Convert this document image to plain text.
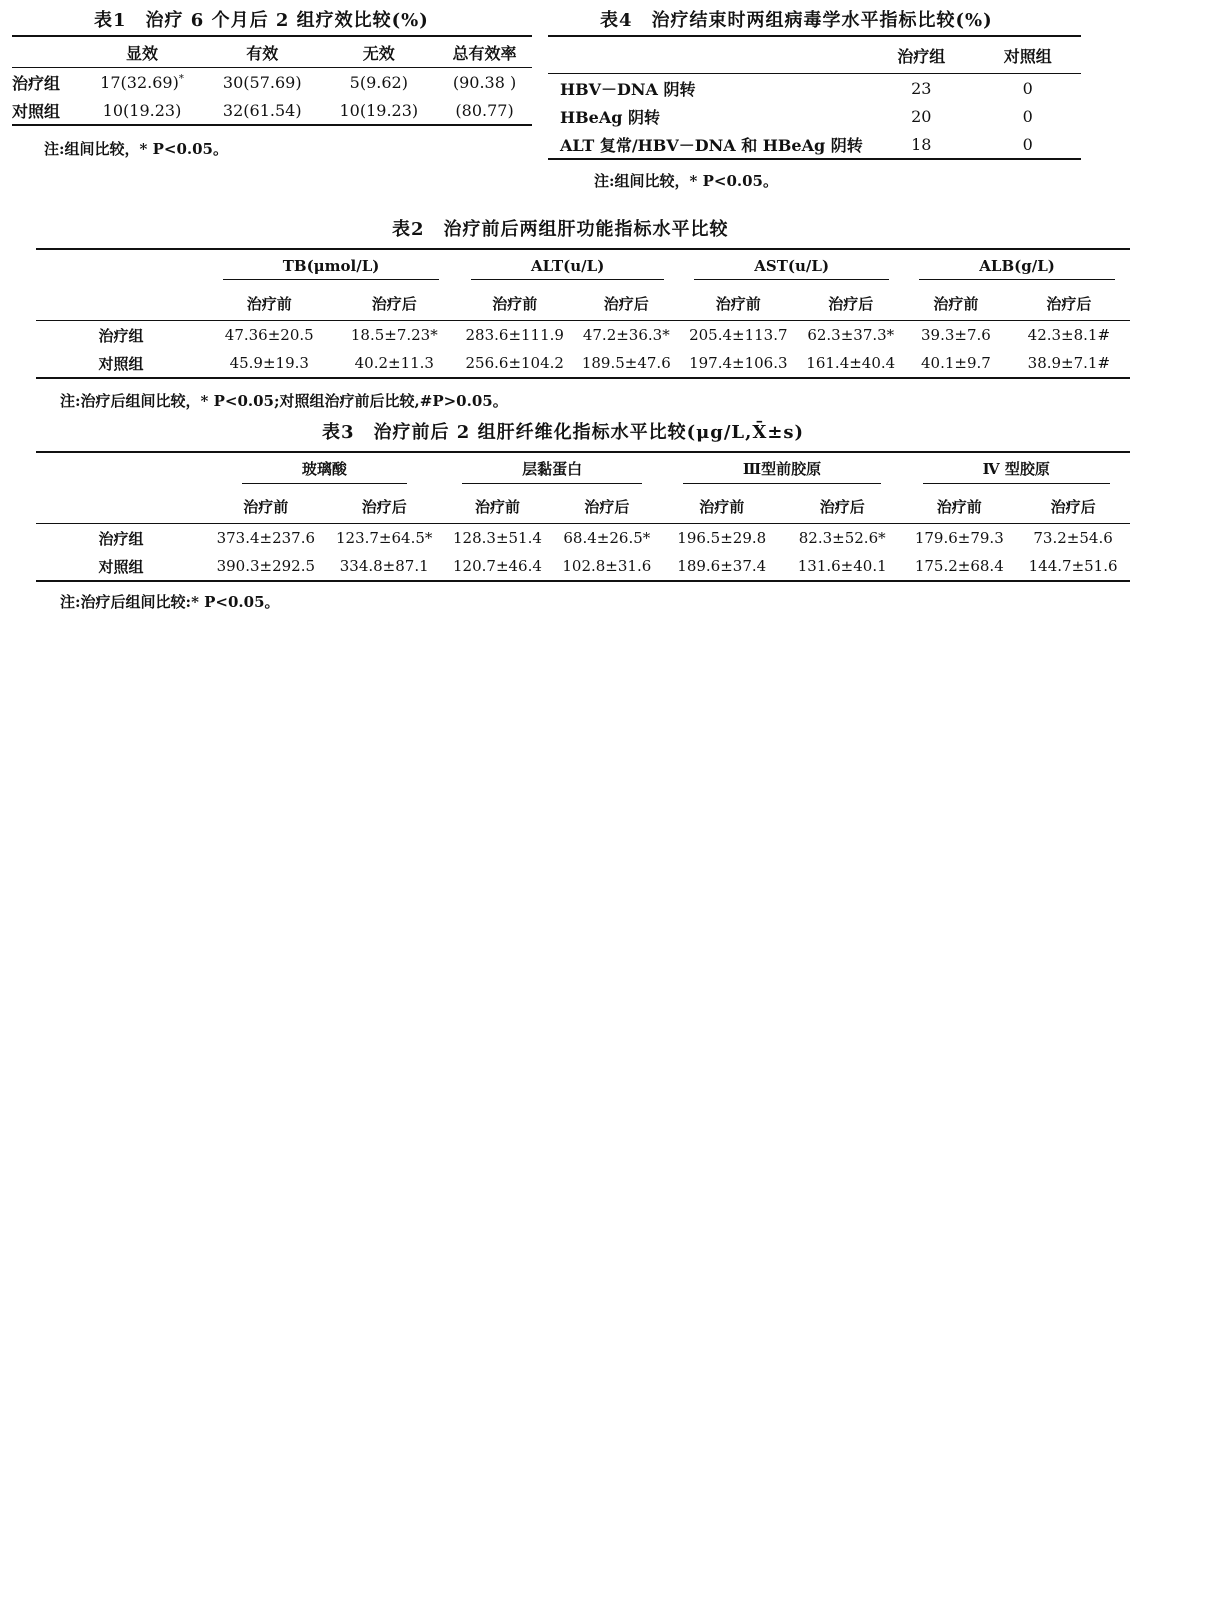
表1　治疗 6 个月后 2 组疗效比较(%)
	显效	有效	无效	总有效率
治疗组	17(32.69)*	30(57.69)	5(9.62)	(90.38 )
对照组	10(19.23)	32(61.54)	10(19.23)	(80.77)
注:组间比较，* P<0.05。
表4　治疗结束时两组病毒学水平指标比较(%)
	治疗组	对照组
HBV－DNA 阴转	23	0
HBeAg 阴转	20	0
ALT 复常/HBV－DNA 和 HBeAg 阴转	18	0
注:组间比较，* P<0.05。
表2　治疗前后两组肝功能指标水平比较
	TB(μmol/L)		ALT(u/L)		AST(u/L)		ALB(g/L)	
	治疗前	治疗后	治疗前	治疗后	治疗前	治疗后	治疗前	治疗后
治疗组	47.36±20.5	18.5±7.23*	283.6±111.9	47.2±36.3*	205.4±113.7	62.3±37.3*	39.3±7.6	42.3±8.1#
对照组	45.9±19.3	40.2±11.3	256.6±104.2	189.5±47.6	197.4±106.3	161.4±40.4	40.1±9.7	38.9±7.1#
注:治疗后组间比较，* P<0.05;对照组治疗前后比较,#P>0.05。
表3　治疗前后 2 组肝纤维化指标水平比较(μg/L,X̄±s)
	玻璃酸		层黏蛋白		Ⅲ型前胶原		Ⅳ 型胶原	
	治疗前	治疗后	治疗前	治疗后	治疗前	治疗后	治疗前	治疗后
治疗组	373.4±237.6	123.7±64.5*	128.3±51.4	68.4±26.5*	196.5±29.8	82.3±52.6*	179.6±79.3	73.2±54.6
对照组	390.3±292.5	334.8±87.1	120.7±46.4	102.8±31.6	189.6±37.4	131.6±40.1	175.2±68.4	144.7±51.6
注:治疗后组间比较:* P<0.05。
